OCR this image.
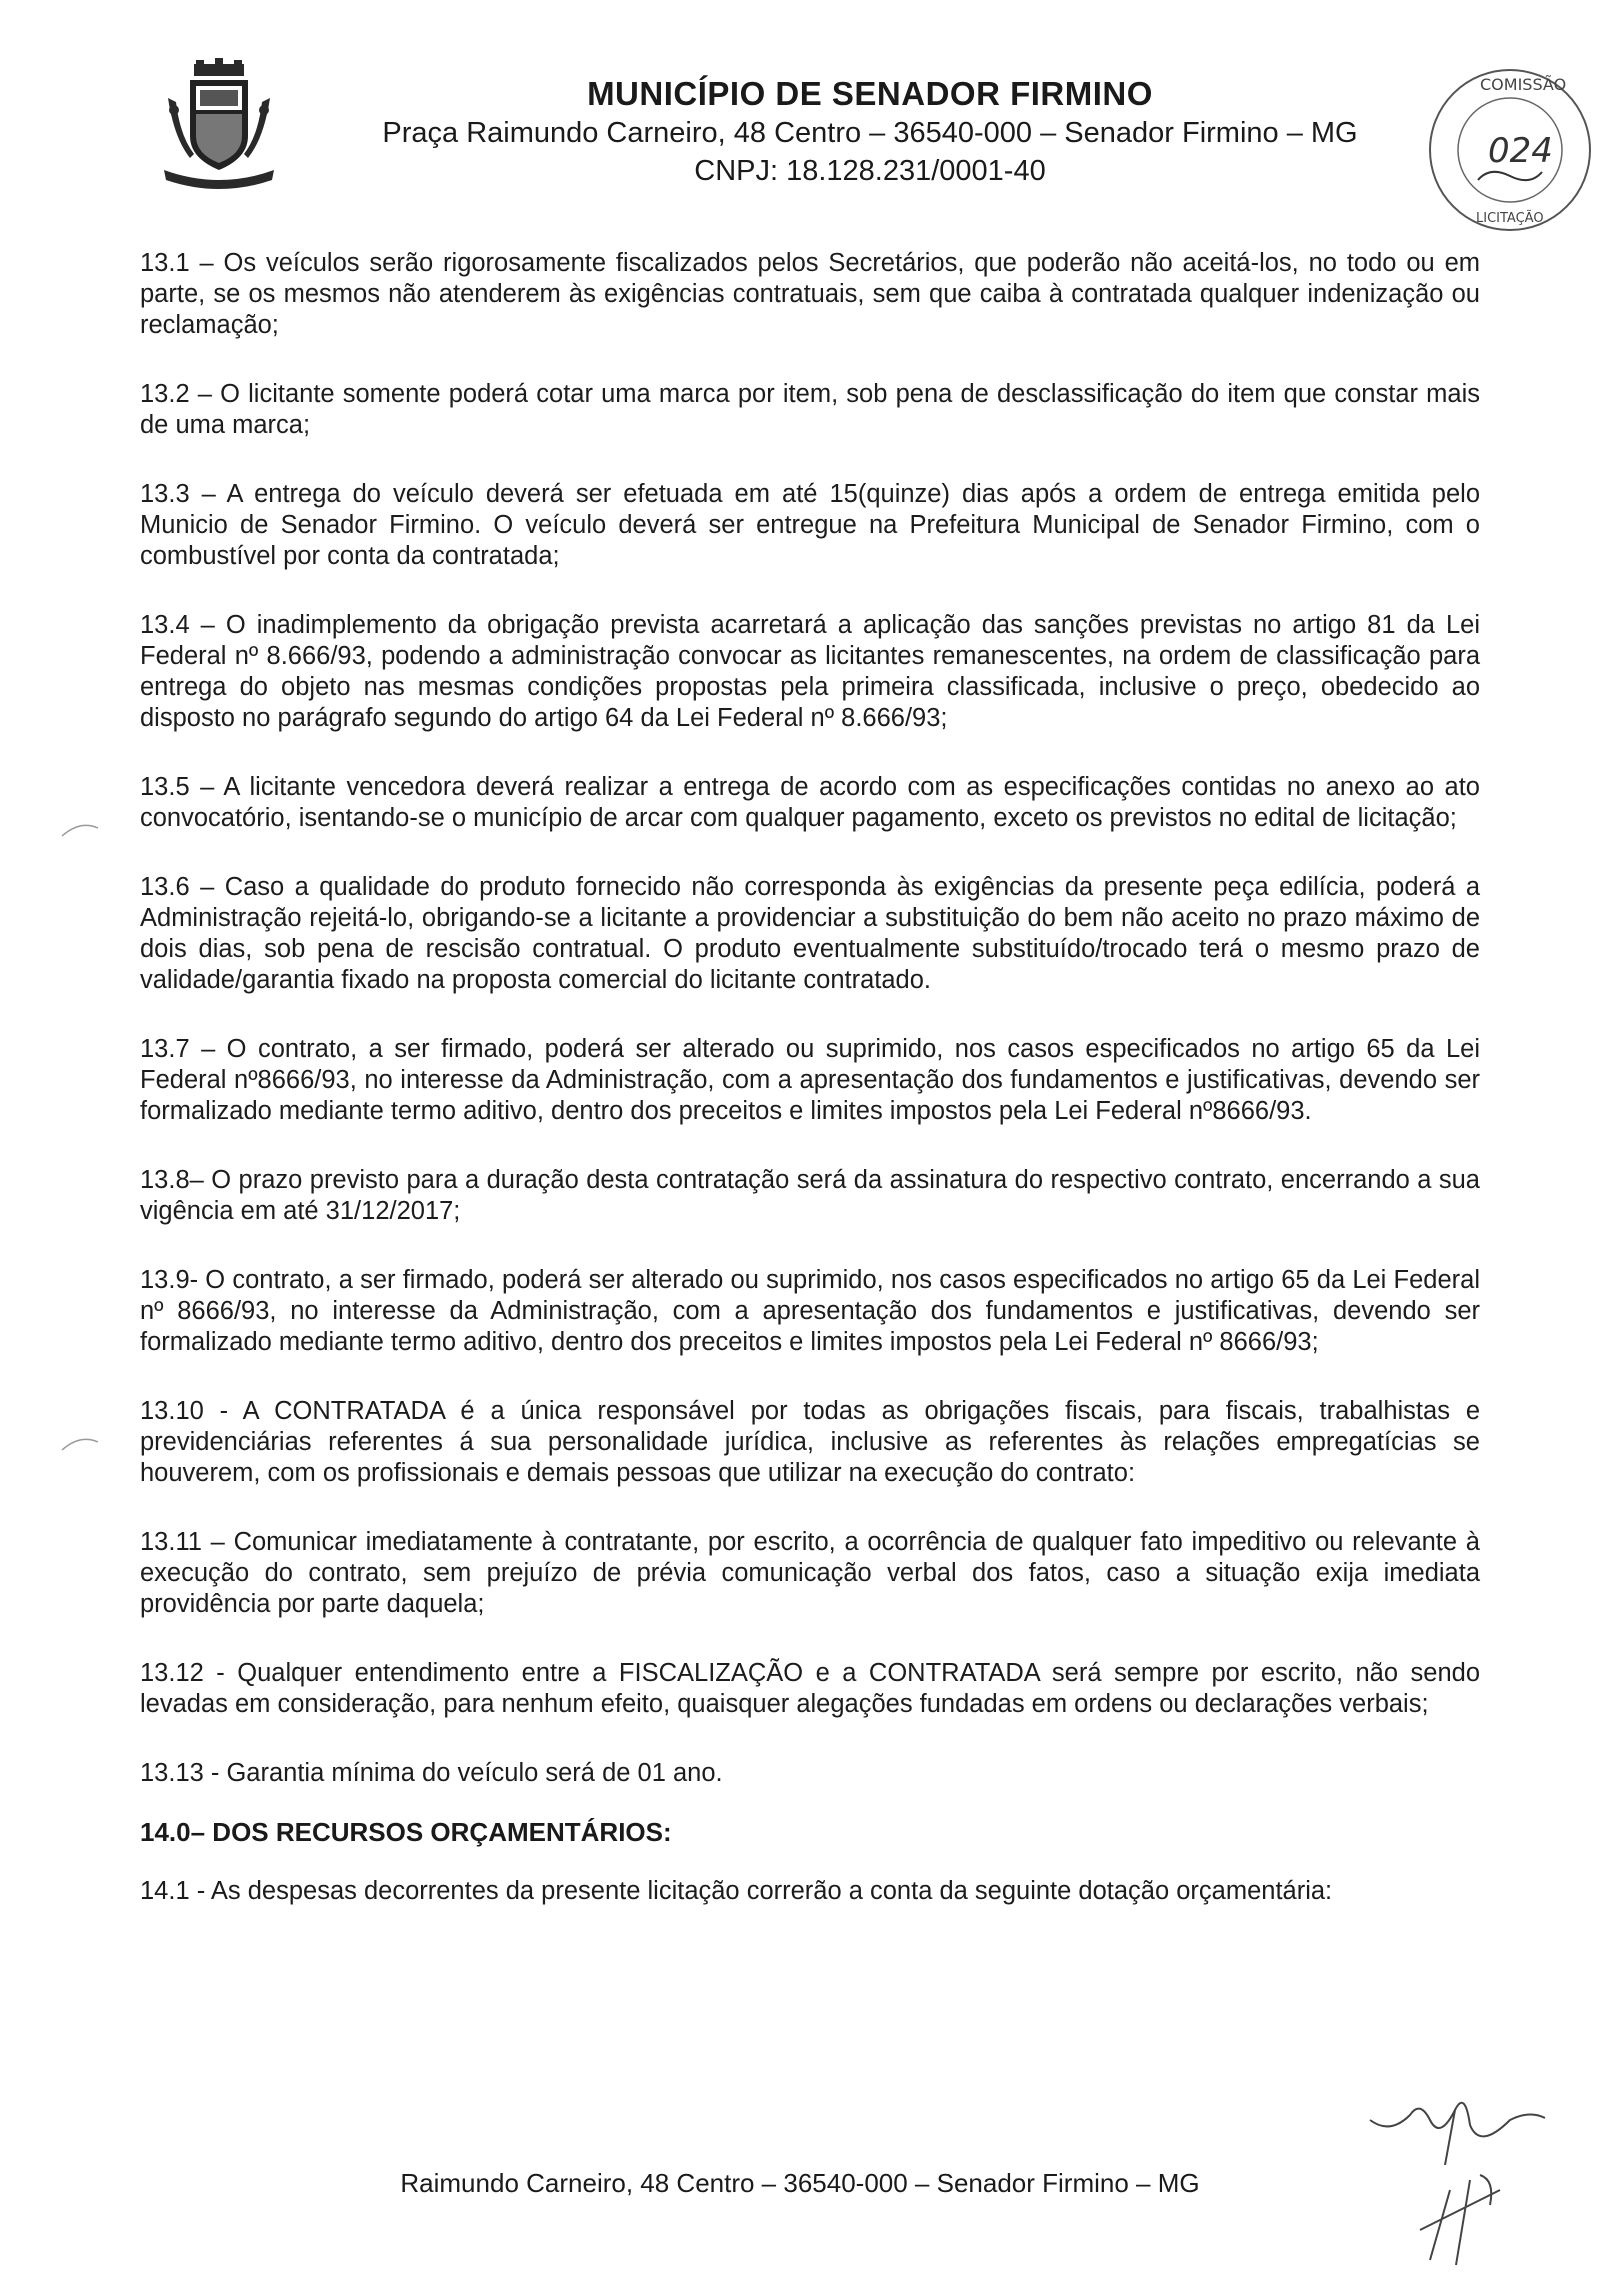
MUNICÍPIO DE SENADOR FIRMINO
Praça Raimundo Carneiro, 48 Centro – 36540-000 – Senador Firmino – MG
CNPJ: 18.128.231/0001-40
COMISSÃO
024
LICITAÇÃO

13.1 – Os veículos serão rigorosamente fiscalizados pelos Secretários, que poderão não aceitá-los, no todo ou em parte, se os mesmos não atenderem às exigências contratuais, sem que caiba à contratada qualquer indenização ou reclamação;

13.2 – O licitante somente poderá cotar uma marca por item, sob pena de desclassificação do item que constar mais de uma marca;

13.3 – A entrega do veículo deverá ser efetuada em até 15(quinze) dias após a ordem de entrega emitida pelo Municio de Senador Firmino. O veículo deverá ser entregue na Prefeitura Municipal de Senador Firmino, com o combustível por conta da contratada;

13.4 – O inadimplemento da obrigação prevista acarretará a aplicação das sanções previstas no artigo 81 da Lei Federal nº 8.666/93, podendo a administração convocar as licitantes remanescentes, na ordem de classificação para entrega do objeto nas mesmas condições propostas pela primeira classificada, inclusive o preço, obedecido ao disposto no parágrafo segundo do artigo 64 da Lei Federal nº 8.666/93;

13.5 – A licitante vencedora deverá realizar a entrega de acordo com as especificações contidas no anexo ao ato convocatório, isentando-se o município de arcar com qualquer pagamento, exceto os previstos no edital de licitação;

13.6 – Caso a qualidade do produto fornecido não corresponda às exigências da presente peça edilícia, poderá a Administração rejeitá-lo, obrigando-se a licitante a providenciar a substituição do bem não aceito no prazo máximo de dois dias, sob pena de rescisão contratual. O produto eventualmente substituído/trocado terá o mesmo prazo de validade/garantia fixado na proposta comercial do licitante contratado.

13.7 – O contrato, a ser firmado, poderá ser alterado ou suprimido, nos casos especificados no artigo 65 da Lei Federal nº8666/93, no interesse da Administração, com a apresentação dos fundamentos e justificativas, devendo ser formalizado mediante termo aditivo, dentro dos preceitos e limites impostos pela Lei Federal nº8666/93.

13.8– O prazo previsto para a duração desta contratação será da assinatura do respectivo contrato, encerrando a sua vigência em até 31/12/2017;

13.9- O contrato, a ser firmado, poderá ser alterado ou suprimido, nos casos especificados no artigo 65 da Lei Federal nº 8666/93, no interesse da Administração, com a apresentação dos fundamentos e justificativas, devendo ser formalizado mediante termo aditivo, dentro dos preceitos e limites impostos pela Lei Federal nº 8666/93;

13.10 - A CONTRATADA é a única responsável por todas as obrigações fiscais, para fiscais, trabalhistas e previdenciárias referentes á sua personalidade jurídica, inclusive as referentes às relações empregatícias se houverem, com os profissionais e demais pessoas que utilizar na execução do contrato:

13.11 – Comunicar imediatamente à contratante, por escrito, a ocorrência de qualquer fato impeditivo ou relevante à execução do contrato, sem prejuízo de prévia comunicação verbal dos fatos, caso a situação exija imediata providência por parte daquela;

13.12 - Qualquer entendimento entre a FISCALIZAÇÃO e a CONTRATADA será sempre por escrito, não sendo levadas em consideração, para nenhum efeito, quaisquer alegações fundadas em ordens ou declarações verbais;

13.13 - Garantia mínima do veículo será de 01 ano.

14.0– DOS RECURSOS ORÇAMENTÁRIOS:

14.1 - As despesas decorrentes da presente licitação correrão a conta da seguinte dotação orçamentária:

Raimundo Carneiro, 48 Centro – 36540-000 – Senador Firmino – MG
